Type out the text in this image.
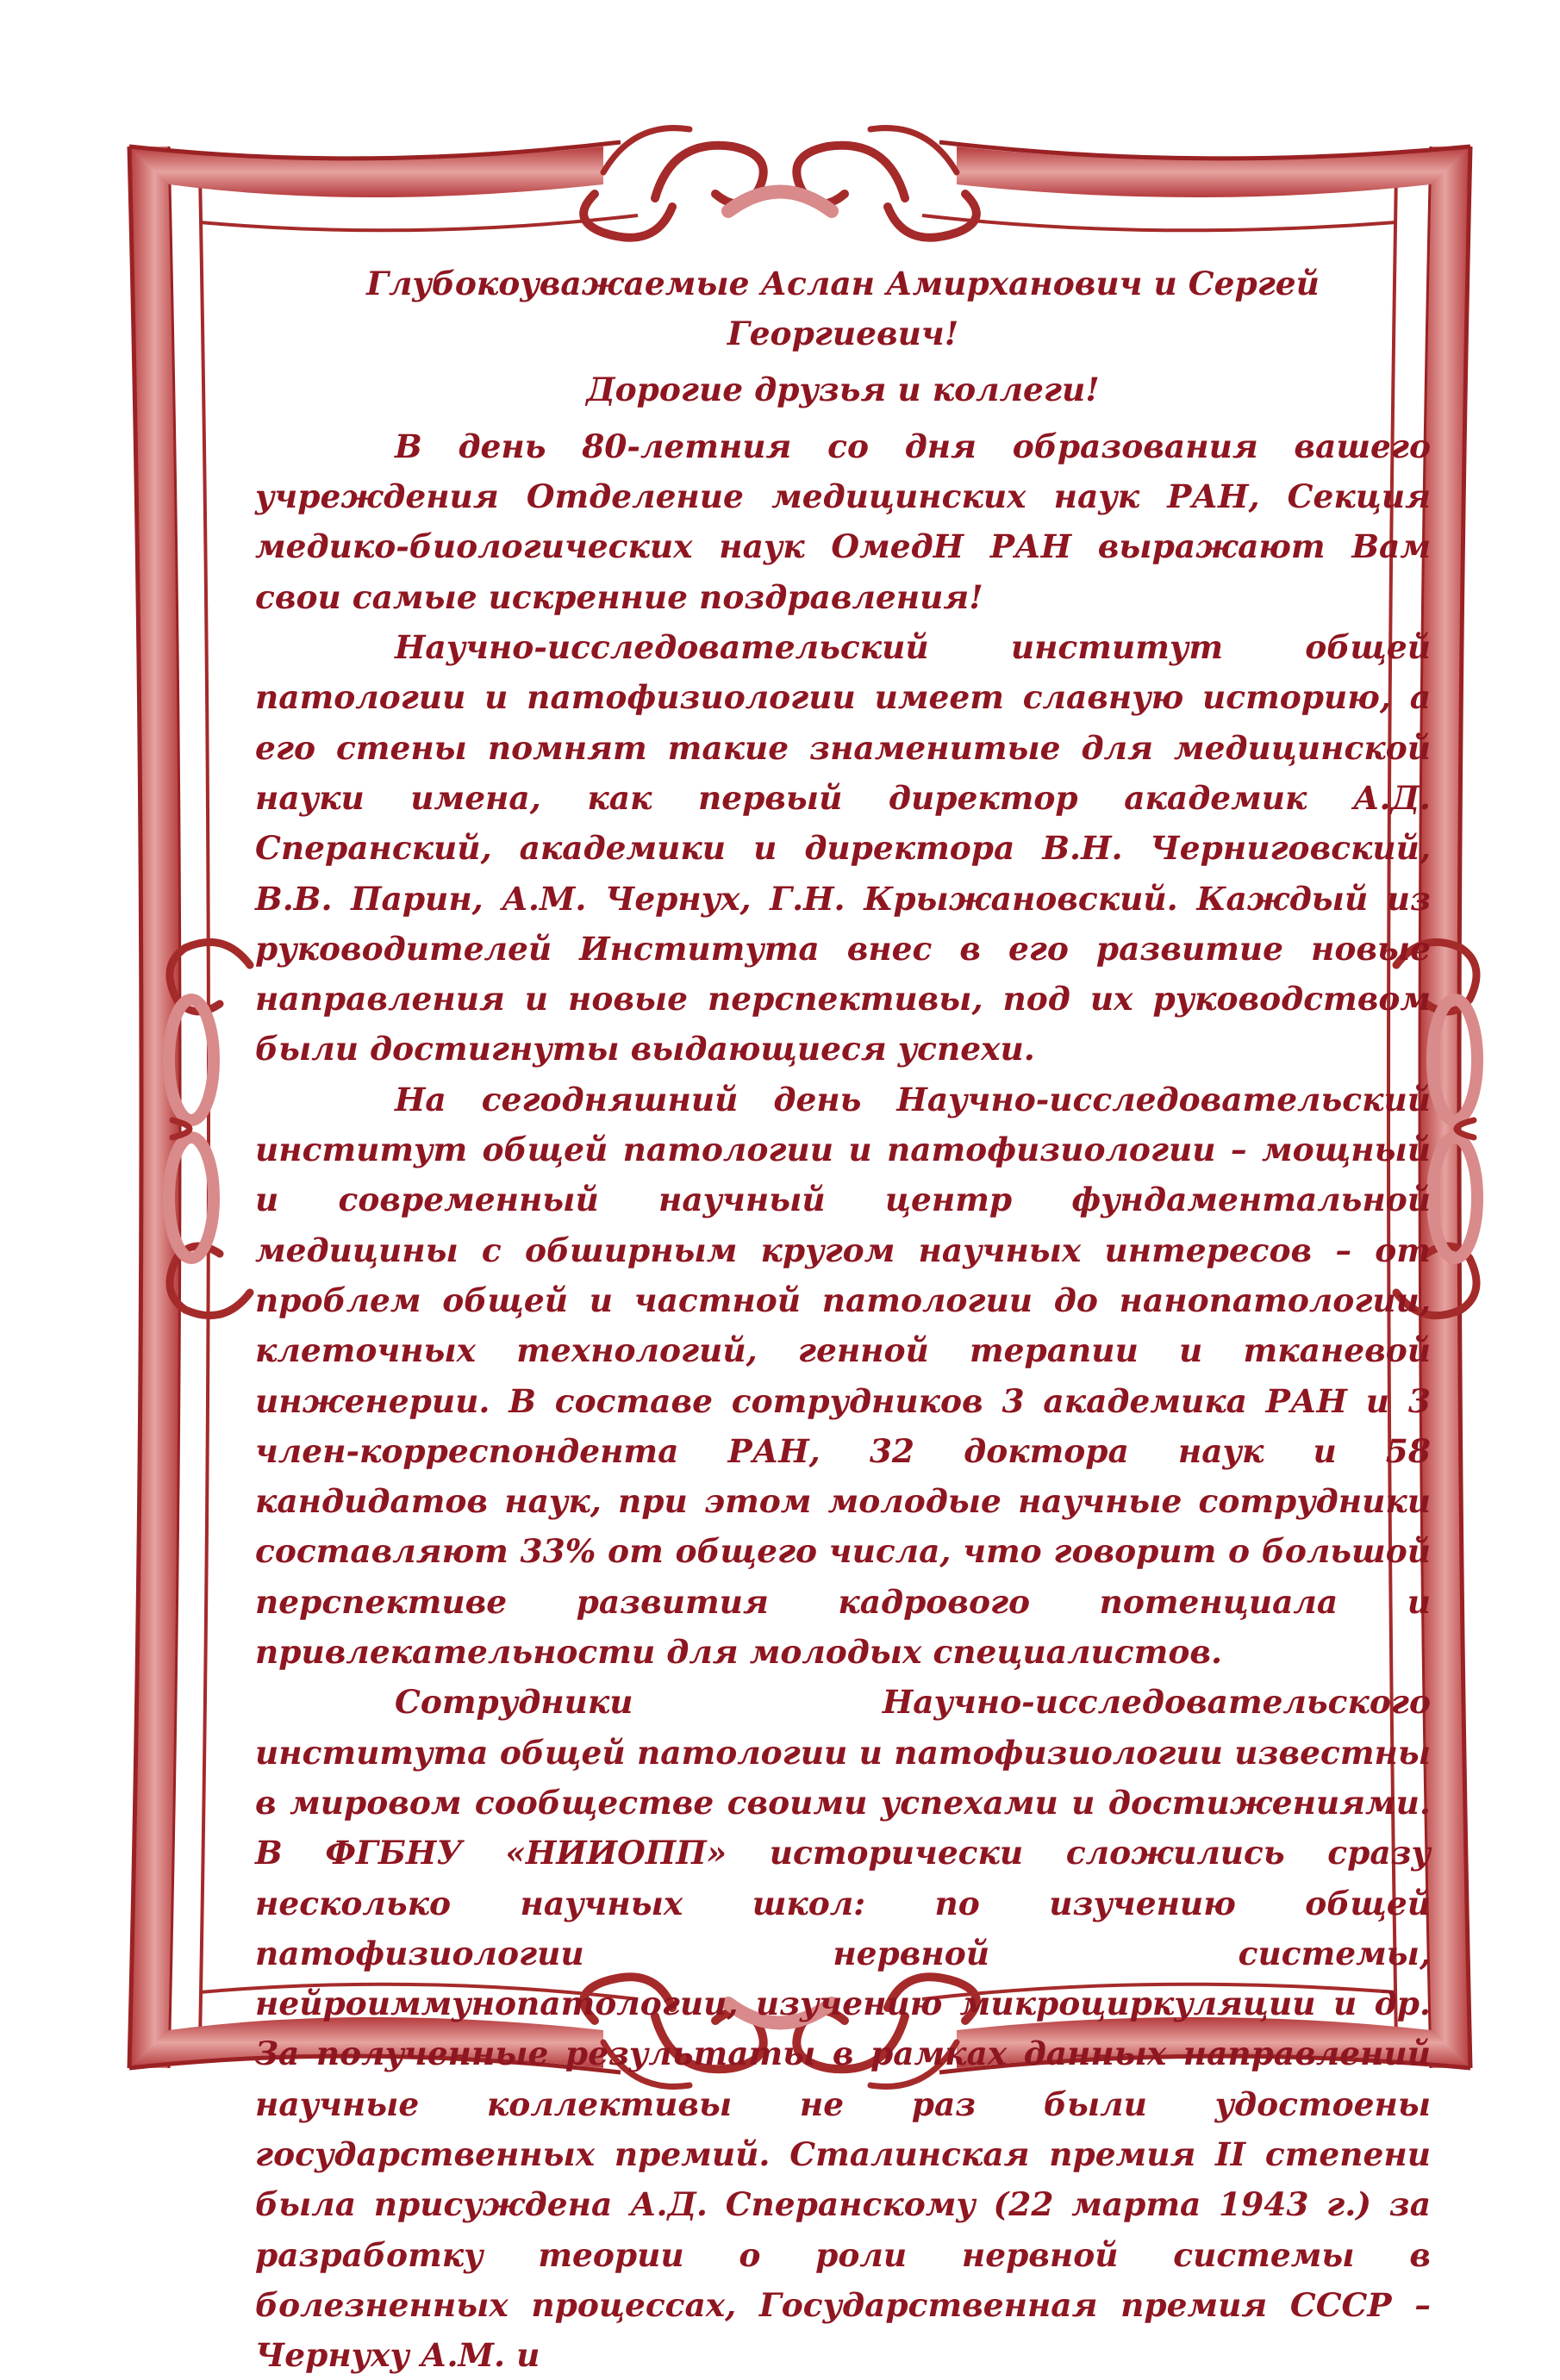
Глубокоуважаемые Аслан Амирханович и Сергей Георгиевич!

Дорогие друзья и коллеги!

В день 80-летния со дня образования вашего учреждения Отделение медицинских наук РАН, Секция медико-биологических наук ОмедН РАН выражают Вам свои самые искренние поздравления!

Научно-исследовательский институт общей патологии и патофизиологии имеет славную историю, а его стены помнят такие знаменитые для медицинской науки имена, как первый директор академик А.Д. Сперанский, академики и директора В.Н. Черниговский, В.В. Парин, А.М. Чернух, Г.Н. Крыжановский. Каждый из руководителей Института внес в его развитие новые направления и новые перспективы, под их руководством были достигнуты выдающиеся успехи.

На сегодняшний день Научно-исследовательский институт общей патологии и патофизиологии – мощный и современный научный центр фундаментальной медицины с обширным кругом научных интересов – от проблем общей и частной патологии до нанопатологии, клеточных технологий, генной терапии и тканевой инженерии. В составе сотрудников 3 академика РАН и 3 член-корреспондента РАН, 32 доктора наук и 58 кандидатов наук, при этом молодые научные сотрудники составляют 33% от общего числа, что говорит о большой перспективе развития кадрового потенциала и привлекательности для молодых специалистов.

Сотрудники Научно-исследовательского института общей патологии и патофизиологии известны в мировом сообществе своими успехами и достижениями. В ФГБНУ «НИИОПП» исторически сложились сразу несколько научных школ: по изучению общей патофизиологии нервной системы, нейроиммунопатологии, изучению микроциркуляции и др. За полученные результаты в рамках данных направлений научные коллективы не раз были удостоены государственных премий. Сталинская премия II степени была присуждена А.Д. Сперанскому (22 марта 1943 г.) за разработку теории о роли нервной системы в болезненных процессах, Государственная премия СССР – Чернуху А.М. и
